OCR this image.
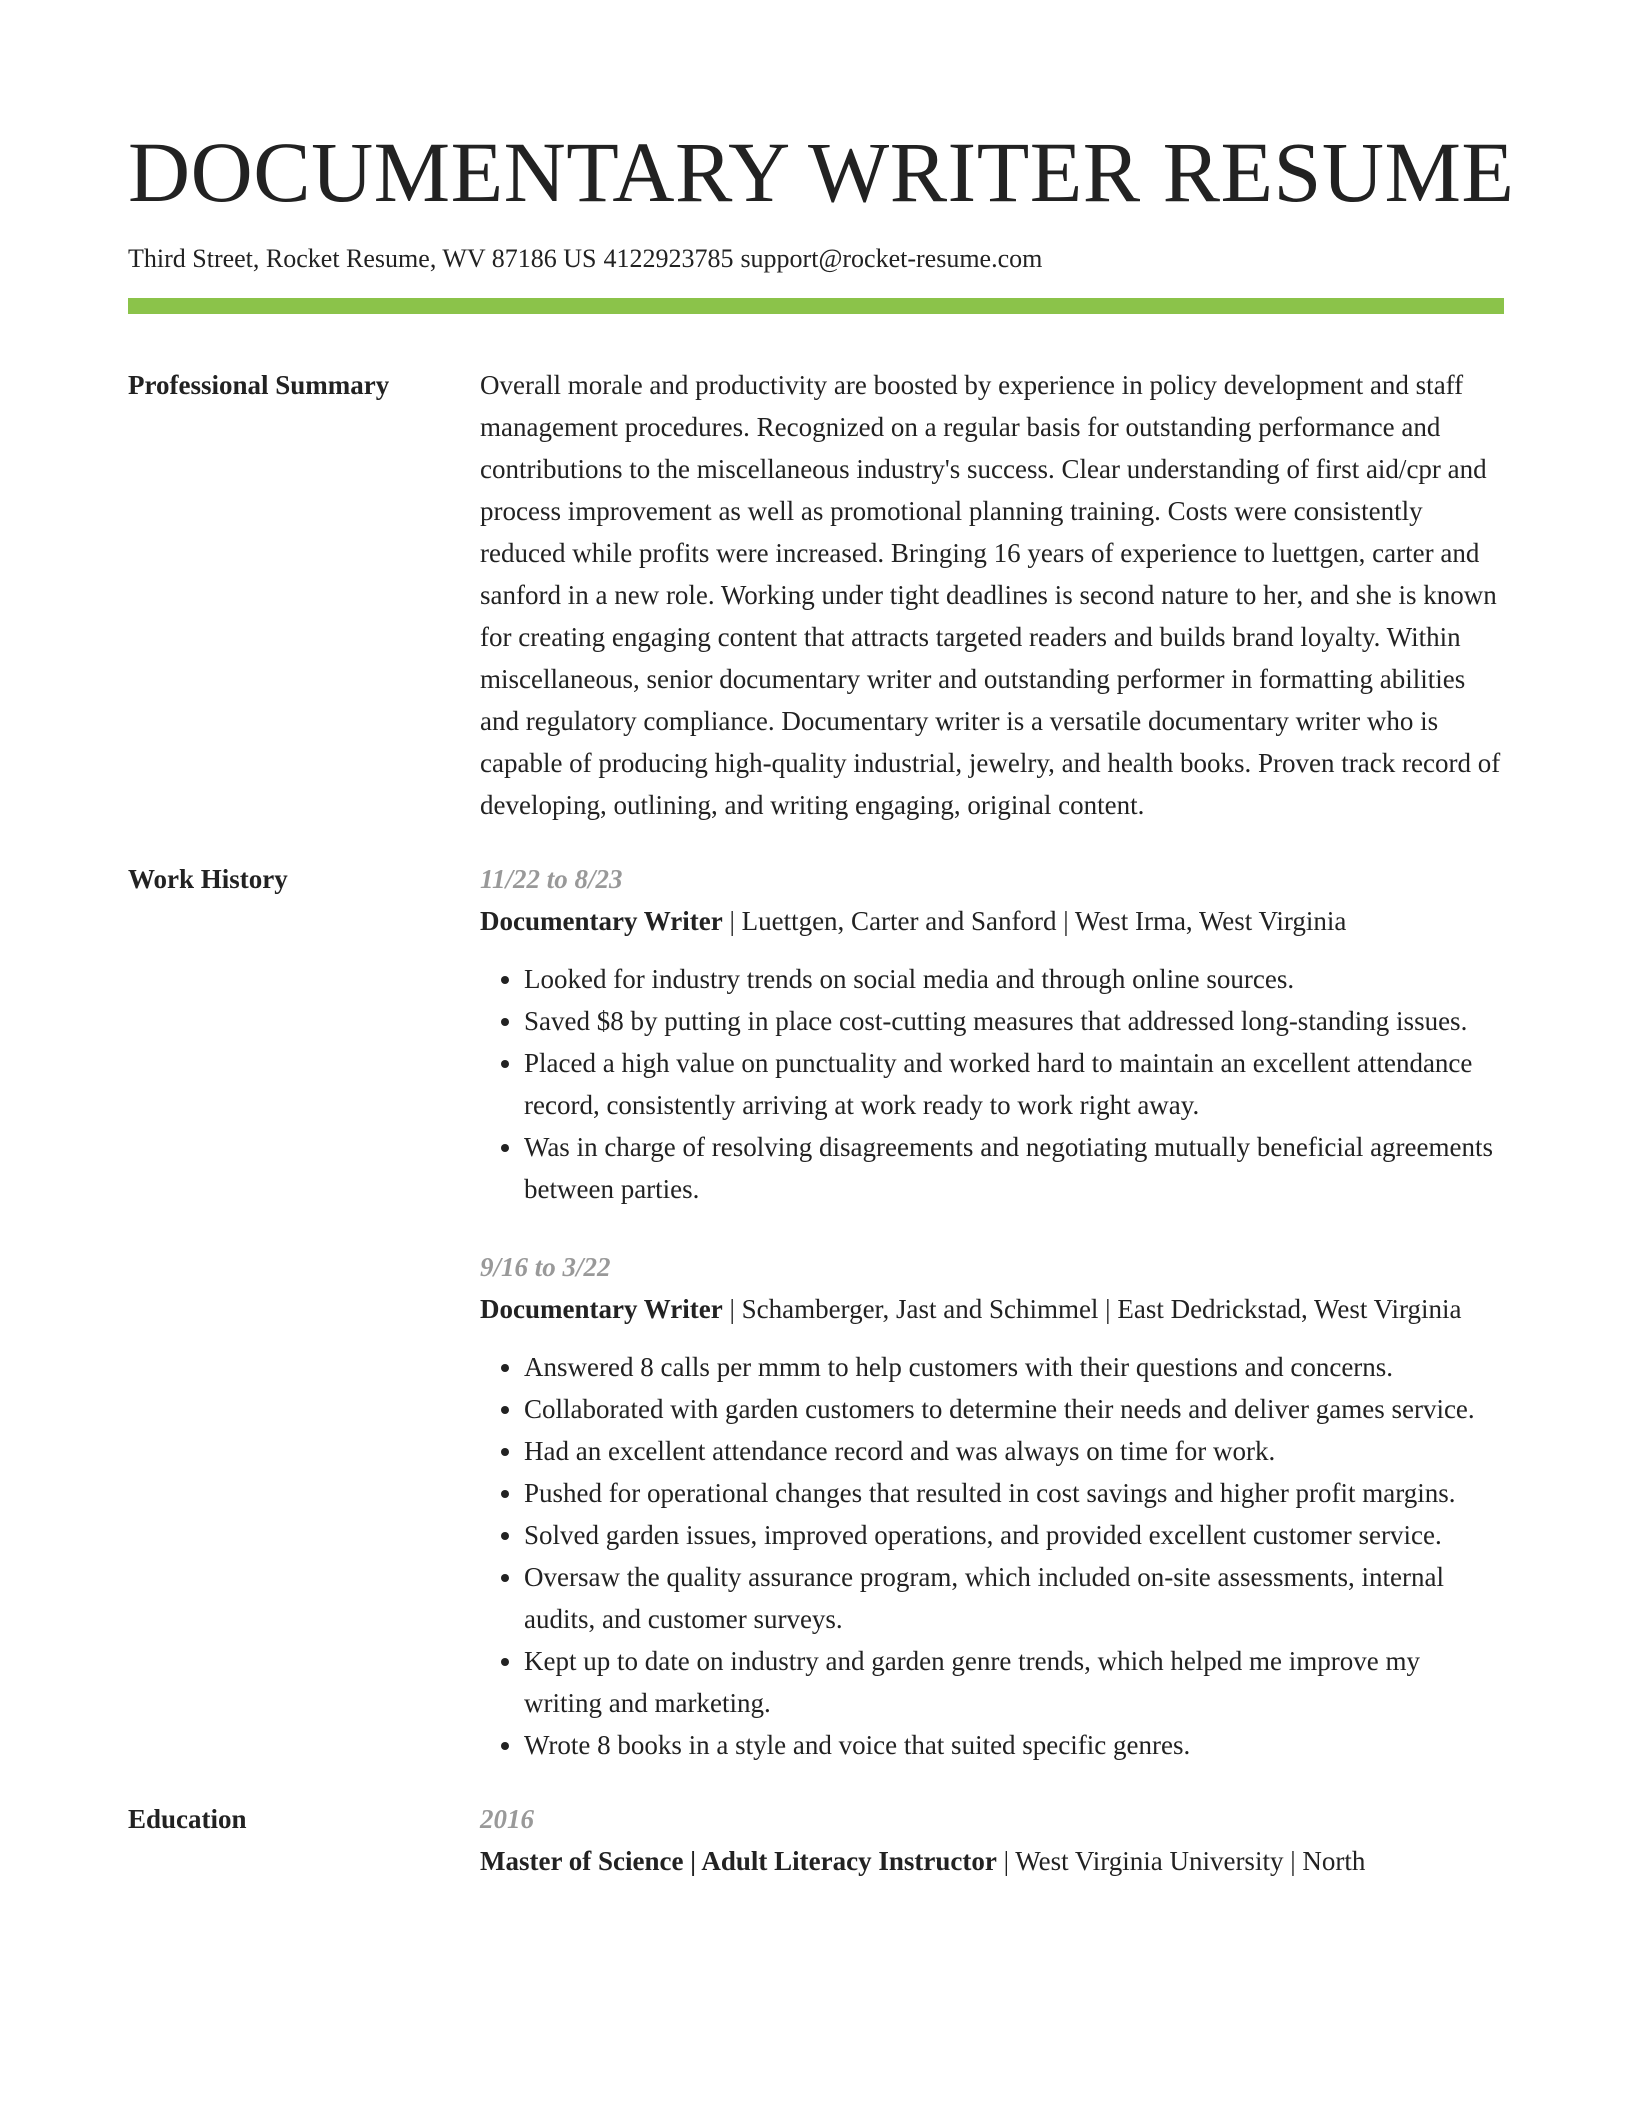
DOCUMENTARY WRITER RESUME
Third Street, Rocket Resume, WV 87186 US 4122923785 support@rocket-resume.com
Professional Summary	Overall morale and productivity are boosted by experience in policy development and staff management procedures. Recognized on a regular basis for outstanding performance and contributions to the miscellaneous industry's success. Clear understanding of first aid/cpr and process improvement as well as promotional planning training. Costs were consistently reduced while profits were increased. Bringing 16 years of experience to luettgen, carter and sanford in a new role. Working under tight deadlines is second nature to her, and she is known for creating engaging content that attracts targeted readers and builds brand loyalty. Within miscellaneous, senior documentary writer and outstanding performer in formatting abilities and regulatory compliance. Documentary writer is a versatile documentary writer who is capable of producing high-quality industrial, jewelry, and health books. Proven track record of developing, outlining, and writing engaging, original content.

Work History	11/22 to 8/23
Documentary Writer | Luettgen, Carter and Sanford | West Irma, West Virginia
• Looked for industry trends on social media and through online sources.
• Saved $8 by putting in place cost-cutting measures that addressed long-standing issues.
• Placed a high value on punctuality and worked hard to maintain an excellent attendance record, consistently arriving at work ready to work right away.
• Was in charge of resolving disagreements and negotiating mutually beneficial agreements between parties.
9/16 to 3/22
Documentary Writer | Schamberger, Jast and Schimmel | East Dedrickstad, West Virginia
• Answered 8 calls per mmm to help customers with their questions and concerns.
• Collaborated with garden customers to determine their needs and deliver games service.
• Had an excellent attendance record and was always on time for work.
• Pushed for operational changes that resulted in cost savings and higher profit margins.
• Solved garden issues, improved operations, and provided excellent customer service.
• Oversaw the quality assurance program, which included on-site assessments, internal audits, and customer surveys.
• Kept up to date on industry and garden genre trends, which helped me improve my writing and marketing.
• Wrote 8 books in a style and voice that suited specific genres.
Education	2016
Master of Science | Adult Literacy Instructor | West Virginia University | North
